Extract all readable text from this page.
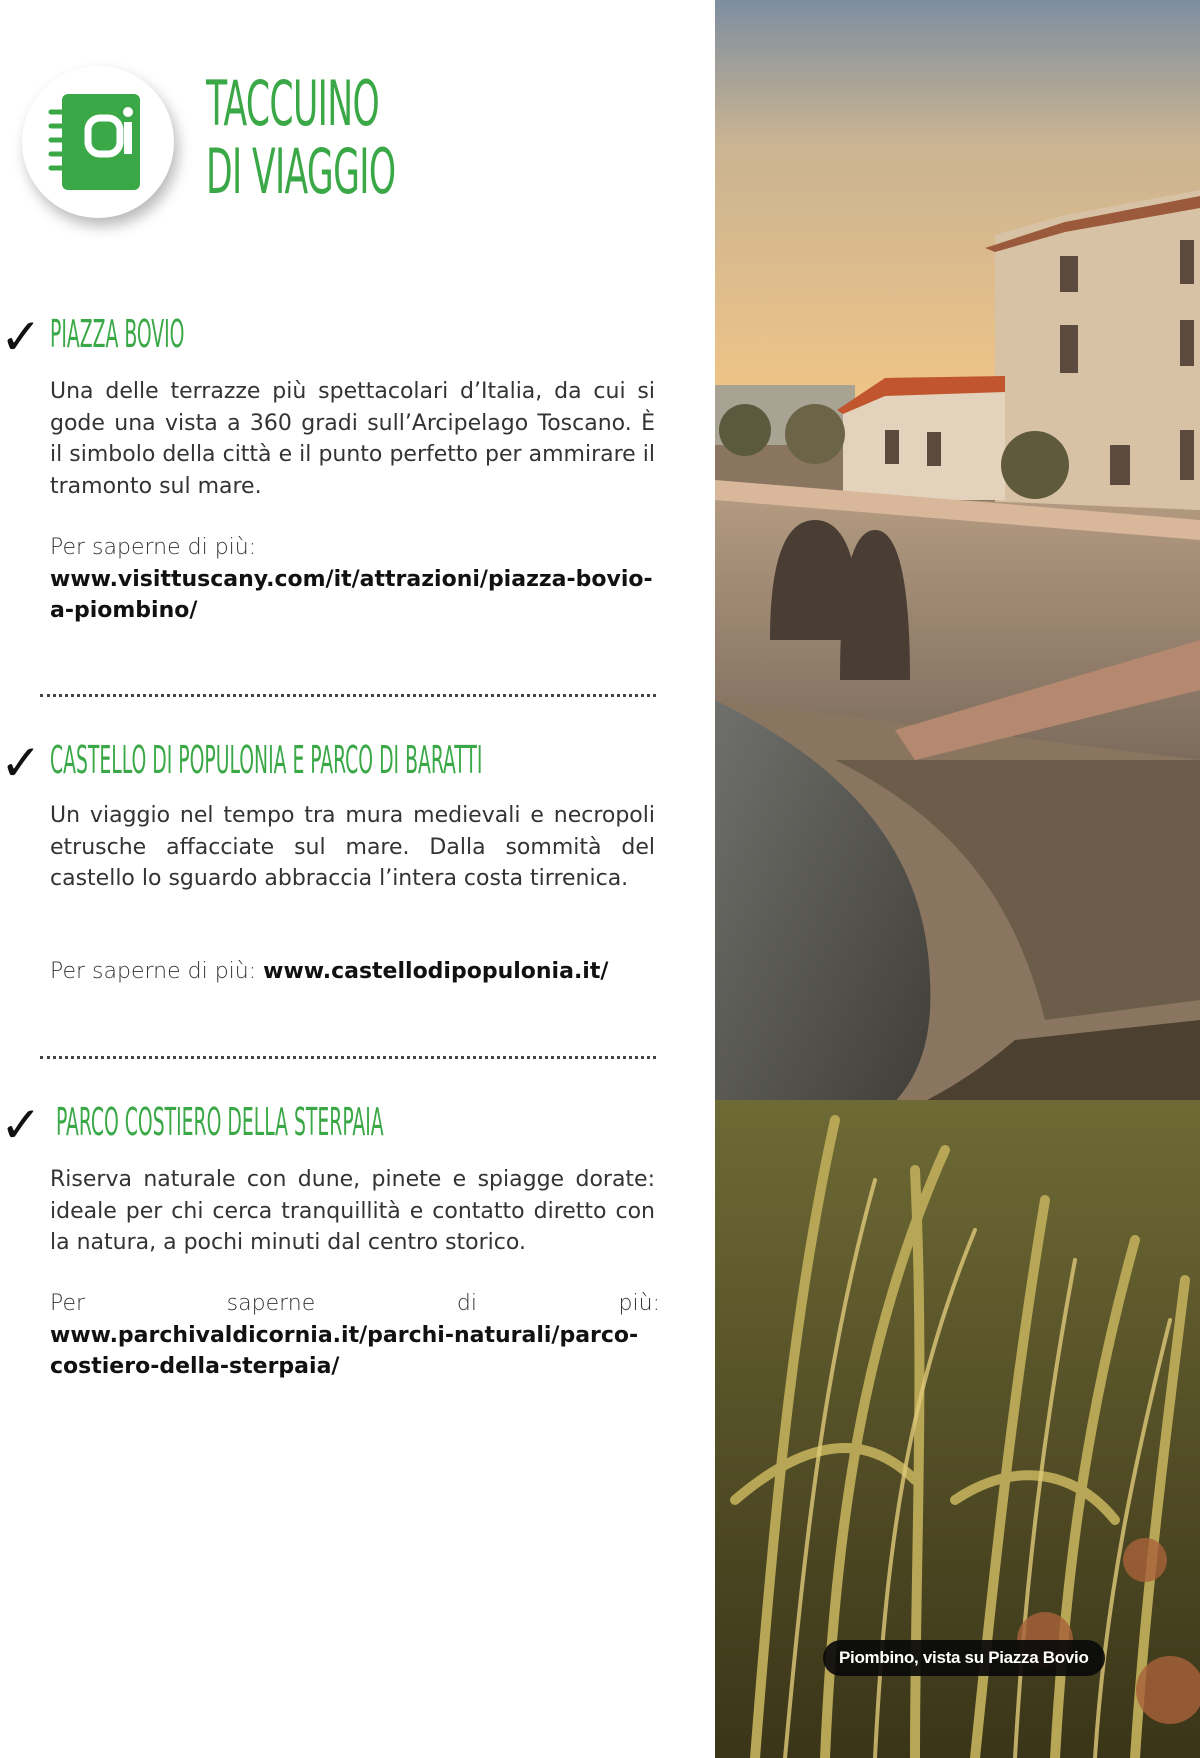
TACCUINO
DI VIAGGIO
✓ PIAZZA BOVIO

Una delle terrazze più spettacolari d’Italia, da cui si gode una vista a 360 gradi sull’Arcipelago Toscano. È il simbolo della città e il punto perfetto per ammirare il tramonto sul mare.

Per saperne di più:
www.visittuscany.com/it/attrazioni/piazza-bovio-a-piombino/

✓ CASTELLO DI POPULONIA E PARCO DI BARATTI

Un viaggio nel tempo tra mura medievali e necropoli etrusche affacciate sul mare. Dalla sommità del castello lo sguardo abbraccia l’intera costa tirrenica.

Per saperne di più: www.castellodipopulonia.it/

✓ PARCO COSTIERO DELLA STERPAIA

Riserva naturale con dune, pinete e spiagge dorate: ideale per chi cerca tranquillità e contatto diretto con la natura, a pochi minuti dal centro storico.

Per saperne di più: www.parchivaldicornia.it/parchi-naturali/parco-costiero-della-sterpaia/

Piombino, vista su Piazza Bovio
